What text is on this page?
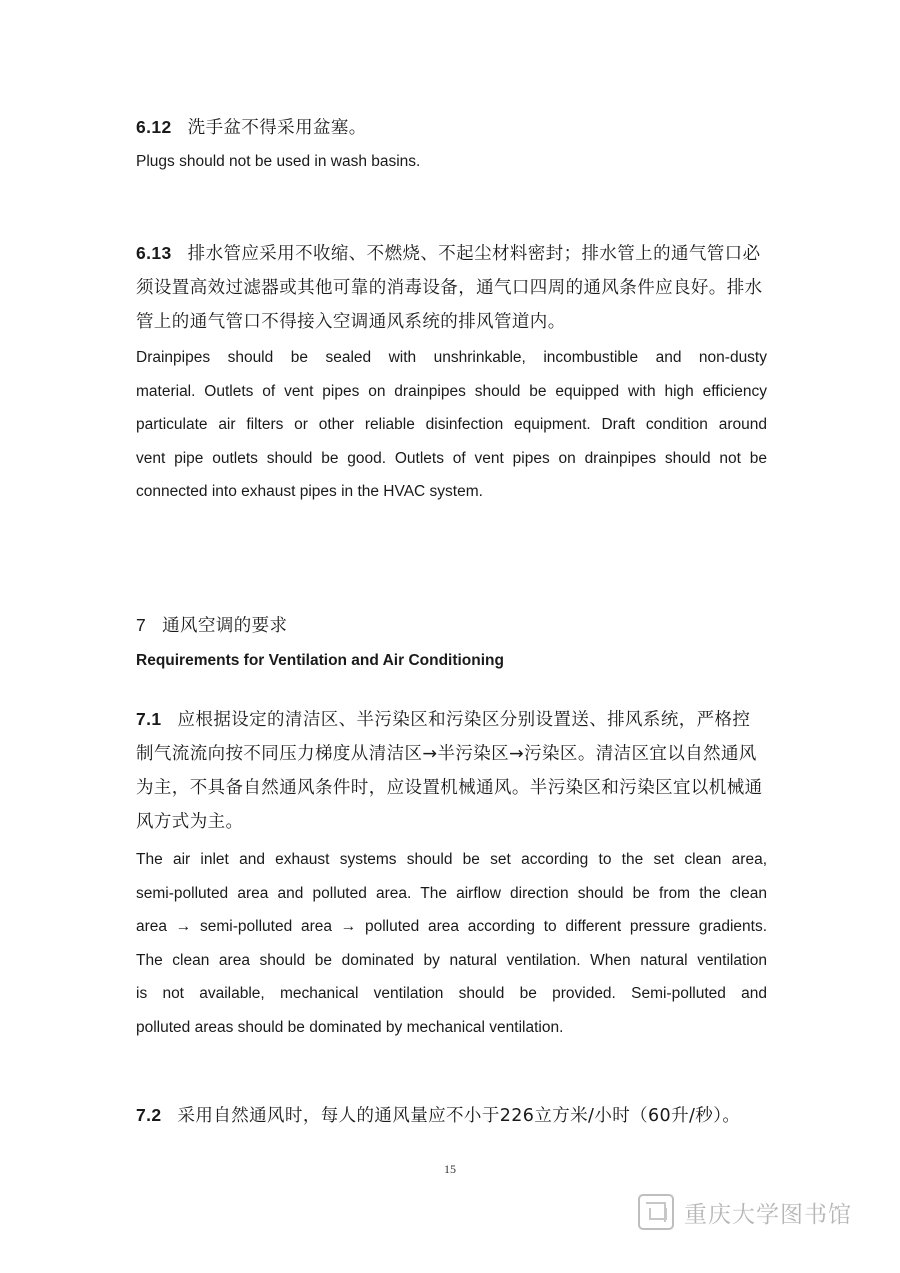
6.12 洗手盆不得采用盆塞。
Plugs should not be used in wash basins.
6.13 排水管应采用不收缩、不燃烧、不起尘材料密封；排水管上的通气管口必
须设置高效过滤器或其他可靠的消毒设备，通气口四周的通风条件应良好。排水
管上的通气管口不得接入空调通风系统的排风管道内。
Drainpipes should be sealed with unshrinkable, incombustible and non-dusty
material. Outlets of vent pipes on drainpipes should be equipped with high efficiency
particulate air filters or other reliable disinfection equipment. Draft condition around
vent pipe outlets should be good. Outlets of vent pipes on drainpipes should not be
connected into exhaust pipes in the HVAC system.
7 通风空调的要求
Requirements for Ventilation and Air Conditioning
7.1 应根据设定的清洁区、半污染区和污染区分别设置送、排风系统，严格控
制气流流向按不同压力梯度从清洁区→半污染区→污染区。清洁区宜以自然通风
为主，不具备自然通风条件时，应设置机械通风。半污染区和污染区宜以机械通
风方式为主。
The air inlet and exhaust systems should be set according to the set clean area,
semi-polluted area and polluted area. The airflow direction should be from the clean
area → semi-polluted area → polluted area according to different pressure gradients.
The clean area should be dominated by natural ventilation. When natural ventilation
is not available, mechanical ventilation should be provided. Semi-polluted and
polluted areas should be dominated by mechanical ventilation.
7.2 采用自然通风时，每人的通风量应不小于226立方米/小时（60升/秒）。
15
重庆大学图书馆
